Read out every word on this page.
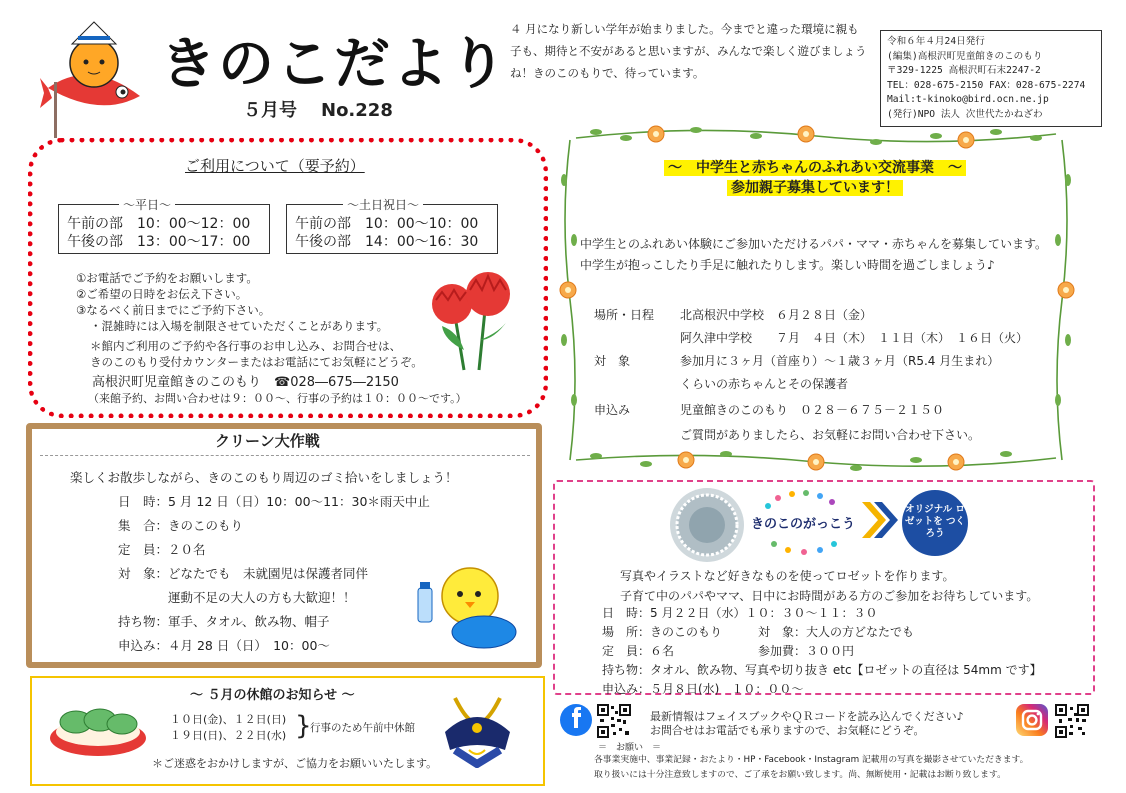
きのこだより
５月号 No.228
４ 月になり新しい学年が始まりました。今までと違った環境に親も子も、期待と不安があると思いますが、みんなで楽しく遊びましょうね！きのこのもりで、待っています。
令和６年４月24日発行
(編集)高根沢町児童館きのこのもり
〒329-1225 高根沢町石末2247-2
TEL：028-675-2150 FAX：028-675-2274
Mail:t-kinoko@bird.ocn.ne.jp
(発行)NPO 法人 次世代たかねざわ
ご利用について（要予約）
～平日～
午前の部　10：00～12：00
午後の部　13：00～17：00
～土日祝日～
午前の部　10：00～10：00
午後の部　14：00～16：30
①お電話でご予約をお願いします。
②ご希望の日時をお伝え下さい。
③なるべく前日までにご予約下さい。
・混雑時には入場を制限させていただくことがあります。
＊館内ご利用のご予約や各行事のお申し込み、お問合せは、
きのこのもり受付カウンターまたはお電話にてお気軽にどうぞ。
高根沢町児童館きのこのもり　☎028―675―2150
（来館予約、お問い合わせは９：００～、行事の予約は１０：００～です。）
クリーン大作戦
楽しくお散歩しながら、きのこのもり周辺のゴミ拾いをしましょう！
日　時：5 月 12 日（日）10：00～11：30＊雨天中止
集　合：きのこのもり
定　員：２０名
対　象：どなたでも　未就園児は保護者同伴
　　　　運動不足の大人の方も大歓迎！！
持ち物：軍手、タオル、飲み物、帽子
申込み：４月 28 日（日）　10：00～
～ ５月の休館のお知らせ ～
１０日(金)、１２日(日)
１９日(日)、２２日(水) }
行事のため午前中休館
＊ご迷惑をおかけしますが、ご協力をお願いいたします。
～　中学生と赤ちゃんのふれあい交流事業　～
参加親子募集しています！
中学生とのふれあい体験にご参加いただけるパパ・ママ・赤ちゃんを募集しています。
中学生が抱っこしたり手足に触れたりします。楽しい時間を過ごしましょう♪
場所・日程	北高根沢中学校　６月２８日（金）
阿久津中学校　　７月　４日（木）　１１日（木）　１６日（火）
対　象	参加月に３ヶ月（首座り）～１歳３ヶ月（R5.4 月生まれ）
くらいの赤ちゃんとその保護者
申込み	児童館きのこのもり　０２８－６７５－２１５０
ご質問がありましたら、お気軽にお問い合わせ下さい。
きのこのがっこう
オリジナル ロゼットを つくろう
写真やイラストなど好きなものを使ってロゼットを作ります。
子育て中のパパやママ、日中にお時間がある方のご参加をお待ちしています。
日　時：5 月２２日（水）１０：３０～１１：３０
場　所：きのこのもり　　　対　象：大人の方どなたでも
定　員：６名　　　　　　　参加費：３００円
持ち物：タオル、飲み物、写真や切り抜き etc【ロゼットの直径は 54mm です】
申込み：５月８日(水)　１０：００～
最新情報はフェイスブックやＱＲコードを読み込んでください♪
お問合せはお電話でも承りますので、お気軽にどうぞ。
＝　お願い　＝
各事業実施中、事業記録・おたより・HP・Facebook・Instagram 記載用の写真を撮影させていただきます。
取り扱いには十分注意致しますので、ご了承をお願い致します。尚、無断使用・記載はお断り致します。
